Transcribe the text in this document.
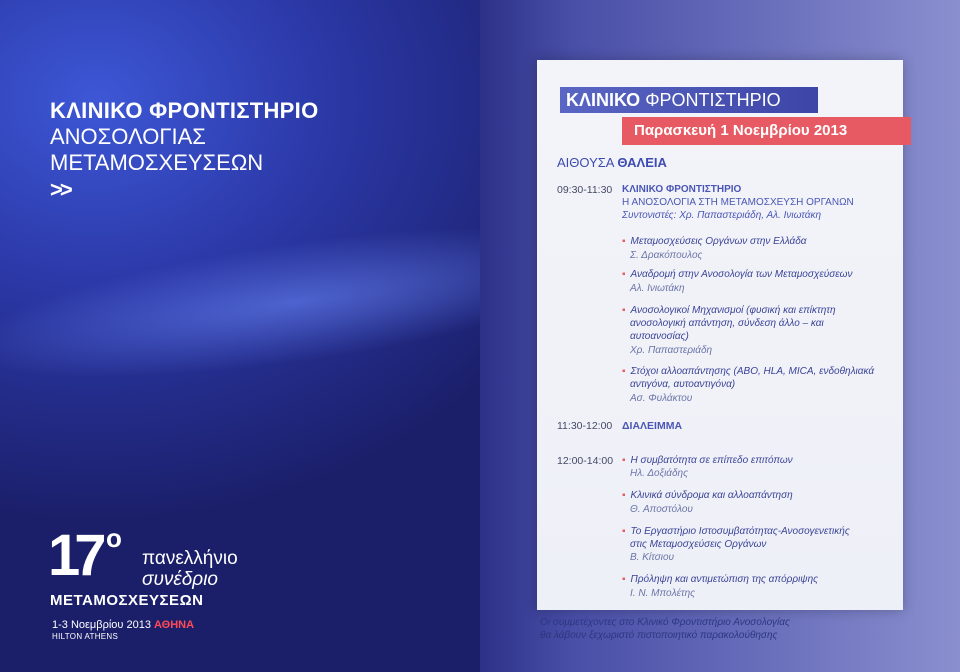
ΚΛΙΝΙΚΟ ΦΡΟΝΤΙΣΤΗΡΙΟ
ΑΝΟΣΟΛΟΓΙΑΣ
ΜΕΤΑΜΟΣΧΕΥΣΕΩΝ
>>
17 ο
πανελλήνιο
συνέδριο
ΜΕΤΑΜΟΣΧΕΥΣΕΩΝ
1-3 Νοεμβρίου 2013 ΑΘΗΝΑ
HILTON ATHENS
ΚΛΙΝΙΚΟ ΦΡΟΝΤΙΣΤΗΡΙΟ
Παρασκευή 1 Νοεμβρίου 2013
ΑΙΘΟΥΣΑ ΘΑΛΕΙΑ
09:30-11:30 ΚΛΙΝΙΚΟ ΦΡΟΝΤΙΣΤΗΡΙΟ
Η ΑΝΟΣΟΛΟΓΙΑ ΣΤΗ ΜΕΤΑΜΟΣΧΕΥΣΗ ΟΡΓΑΝΩΝ
Συντονιστές: Χρ. Παπαστεριάδη, Αλ. Ινιωτάκη
▪ Μεταμοσχεύσεις Οργάνων στην Ελλάδα
Σ. Δρακόπουλος
▪ Αναδρομή στην Ανοσολογία των Μεταμοσχεύσεων
Αλ. Ινιωτάκη
▪ Ανοσολογικοί Μηχανισμοί (φυσική και επίκτητη
ανοσολογική απάντηση, σύνδεση άλλο – και
αυτοανοσίας)
Χρ. Παπαστεριάδη
▪ Στόχοι αλλοαπάντησης (ABO, HLA, MICA, ενδοθηλιακά
αντιγόνα, αυτοαντιγόνα)
Ασ. Φυλάκτου
11:30-12:00 ΔΙΑΛΕΙΜΜΑ
12:00-14:00 ▪ Η συμβατότητα σε επίπεδο επιτόπων
Ηλ. Δοξιάδης
▪ Κλινικά σύνδρομα και αλλοαπάντηση
Θ. Αποστόλου
▪ Το Εργαστήριο Ιστοσυμβατότητας-Ανοσογενετικής
στις Μεταμοσχεύσεις Οργάνων
Β. Κίτσιου
▪ Πρόληψη και αντιμετώπιση της απόρριψης
Ι. Ν. Μπολέτης
Οι συμμετέχοντες στο Κλινικό Φροντιστήριο Ανοσολογίας
θα λάβουν ξεχωριστό πιστοποιητικό παρακολούθησης
